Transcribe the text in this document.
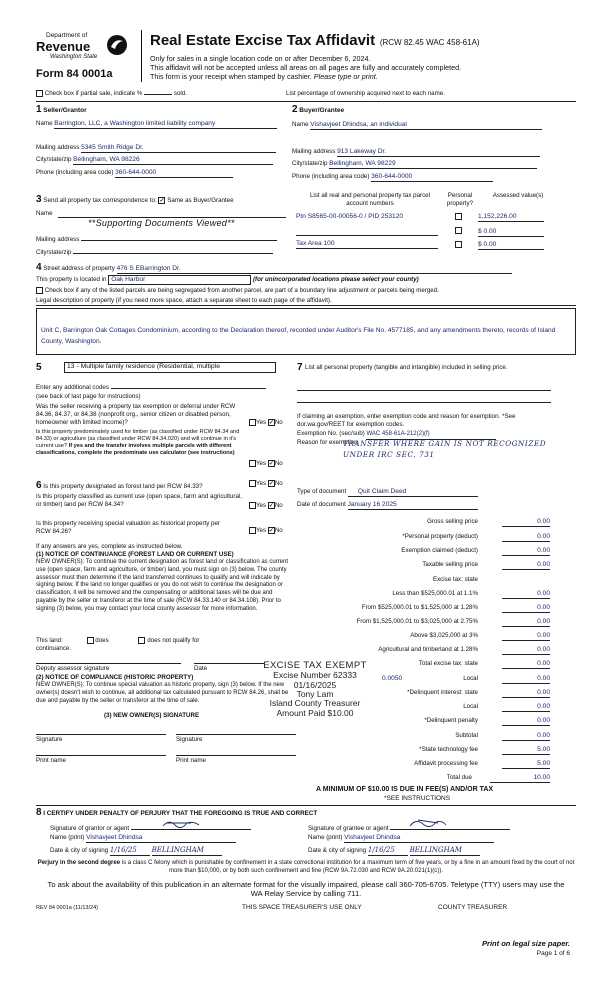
Department of
Revenue
Washington State
Form 84 0001a
Real Estate Excise Tax Affidavit (RCW 82.45 WAC 458-61A)
Only for sales in a single location code on or after December 6, 2024.
This affidavit will not be accepted unless all areas on all pages are fully and accurately completed.
This form is your receipt when stamped by cashier. Please type or print.
Check box if partial sale, indicate %	sold.	List percentage of ownership acquired next to each name.
1 Seller/Grantor
Name Barrington, LLC, a Washington limited liability company
Mailing address 5345 Smith Ridge Dr.
City/state/zip Bellingham, WA 98226
Phone (including area code) 360-644-0000
2 Buyer/Grantee
Name Vishavjeet Dhindsa, an individual
Mailing address 913 Lakeway Dr.
City/state/zip Bellingham, WA 98229
Phone (including area code) 360-644-0000
3 Send all property tax correspondence to: ✓ Same as Buyer/Grantee
Name
**Supporting Documents Viewed**
Mailing address
City/state/zip
List all real and personal property tax parcel account numbers
Personal property?
Assessed value(s)
Ptn S8565-00-00056-0 / PID 253120	1,152,226.00
$ 0.00
Tax Area 100	$ 0.00
4 Street address of property 476 S EBarrington Dr.
This property is located in Oak Harbor	(for unincorporated locations please select your county)
Check box if any of the listed parcels are being segregated from another parcel, are part of a boundary line adjustment or parcels being merged.
Legal description of property (if you need more space, attach a separate sheet to each page of the affidavit).
Unit C, Barrington Oak Cottages Condominium, according to the Declaration thereof, recorded under Auditor's File No. 4577185, and any amendments thereto, records of Island County, Washington.
5	13 - Multiple family residence (Residential, multiple
Enter any additional codes
(see back of last page for instructions)
Was the seller receiving a property tax exemption or deferral under RCW 84.36, 84.37, or 84.38 (nonprofit org., senior citizen or disabled person, homeowner with limited income)?	Yes ✓ No
Is this property predominately used for timber (as classified under RCW 84.34 and 84.33) or agriculture (as classified under RCW 84.34.020) and will continue in it's current use? If yes and the transfer involves multiple parcels with different classifications, complete the predominate use calculator (see instructions)
Yes ✓ No
6 Is this property designated as forest land per RCW 84.33?	Yes ✓ No
Is this property classified as current use (open space, farm and agricultural, or timber) land per RCW 84.34?	Yes ✓ No
Is this property receiving special valuation as historical property per RCW 84.26?	Yes ✓ No
If any answers are yes, complete as instructed below.
(1) NOTICE OF CONTINUANCE (FOREST LAND OR CURRENT USE)
NEW OWNER(S): To continue the current designation as forest land or classification as current use (open space, farm and agriculture, or timber) land, you must sign on (3) below. The county assessor must then determine if the land transferred continues to qualify and will indicate by signing below. If the land no longer qualifies or you do not wish to continue the designation or classification, it will be removed and the compensating or additional taxes will be due and payable by the seller or transferor at the time of sale (RCW 84.33.140 or 84.34.108). Prior to signing (3) below, you may contact your local county assessor for more information.
This land:	does	does not qualify for
continuance.
Deputy assessor signature	Date
(2) NOTICE OF COMPLIANCE (HISTORIC PROPERTY)
NEW OWNER(S): To continue special valuation as historic property, sign (3) below. If the new owner(s) doesn't wish to continue, all additional tax calculated pursuant to RCW 84.26, shall be due and payable by the seller or transferor at the time of sale.
(3) NEW OWNER(S) SIGNATURE
Signature	Signature
Print name	Print name
7 List all personal property (tangible and intangible) included in selling price.
If claiming an exemption, enter exemption code and reason for exemption. *See dor.wa.gov/REET for exemption codes.
Exemption No. (sec/sub) WAC 458-61A-212(2)(f)
Reason for exemption
TRANSFER WHERE GAIN IS NOT RECOGNIZED UNDER IRC SEC. 731
Type of document Quit Claim Deed
Date of document January 16 2025
Gross selling price	0.00
*Personal property (deduct)	0.00
Exemption claimed (deduct)	0.00
Taxable selling price	0.00
Excise tax: state
Less than $525,000.01 at 1.1%	0.00
From $525,000.01 to $1,525,000 at 1.28%	0.00
From $1,525,000.01 to $3,025,000 at 2.75%	0.00
Above $3,025,000 at 3%	0.00
Agricultural and timberland at 1.28%	0.00
Total excise tax: state	0.00
0.0050	Local	0.00
*Delinquent interest: state	0.00
Local	0.00
*Delinquent penalty	0.00
Subtotal	0.00
*State technology fee	5.00
Affidavit processing fee	5.00
Total due	10.00
A MINIMUM OF $10.00 IS DUE IN FEE(S) AND/OR TAX
*SEE INSTRUCTIONS
EXCISE TAX EXEMPT
Excise Number 62333
01/16/2025
Tony Lam
Island County Treasurer
Amount Paid $10.00
8 I CERTIFY UNDER PENALTY OF PERJURY THAT THE FOREGOING IS TRUE AND CORRECT
Signature of grantor or agent
Name (print) Vishavjeet Dhindsa
Date & city of signing 1/16/25 BELLINGHAM
Signature of grantee or agent
Name (print) Vishavjeet Dhindsa
Date & city of signing 1/16/25 BELLINGHAM
Perjury in the second degree is a class C felony which is punishable by confinement in a state correctional institution for a maximum term of five years, or by a fine in an amount fixed by the court of not more than $10,000, or by both such confinement and fine (RCW 9A.72.030 and RCW 9A.20.021(1)(c)).
To ask about the availability of this publication in an alternate format for the visually impaired, please call 360-705-6705. Teletype (TTY) users may use the WA Relay Service by calling 711.
REV 84 0001a (11/13/24)	THIS SPACE TREASURER'S USE ONLY	COUNTY TREASURER
Print on legal size paper.
Page 1 of 6
